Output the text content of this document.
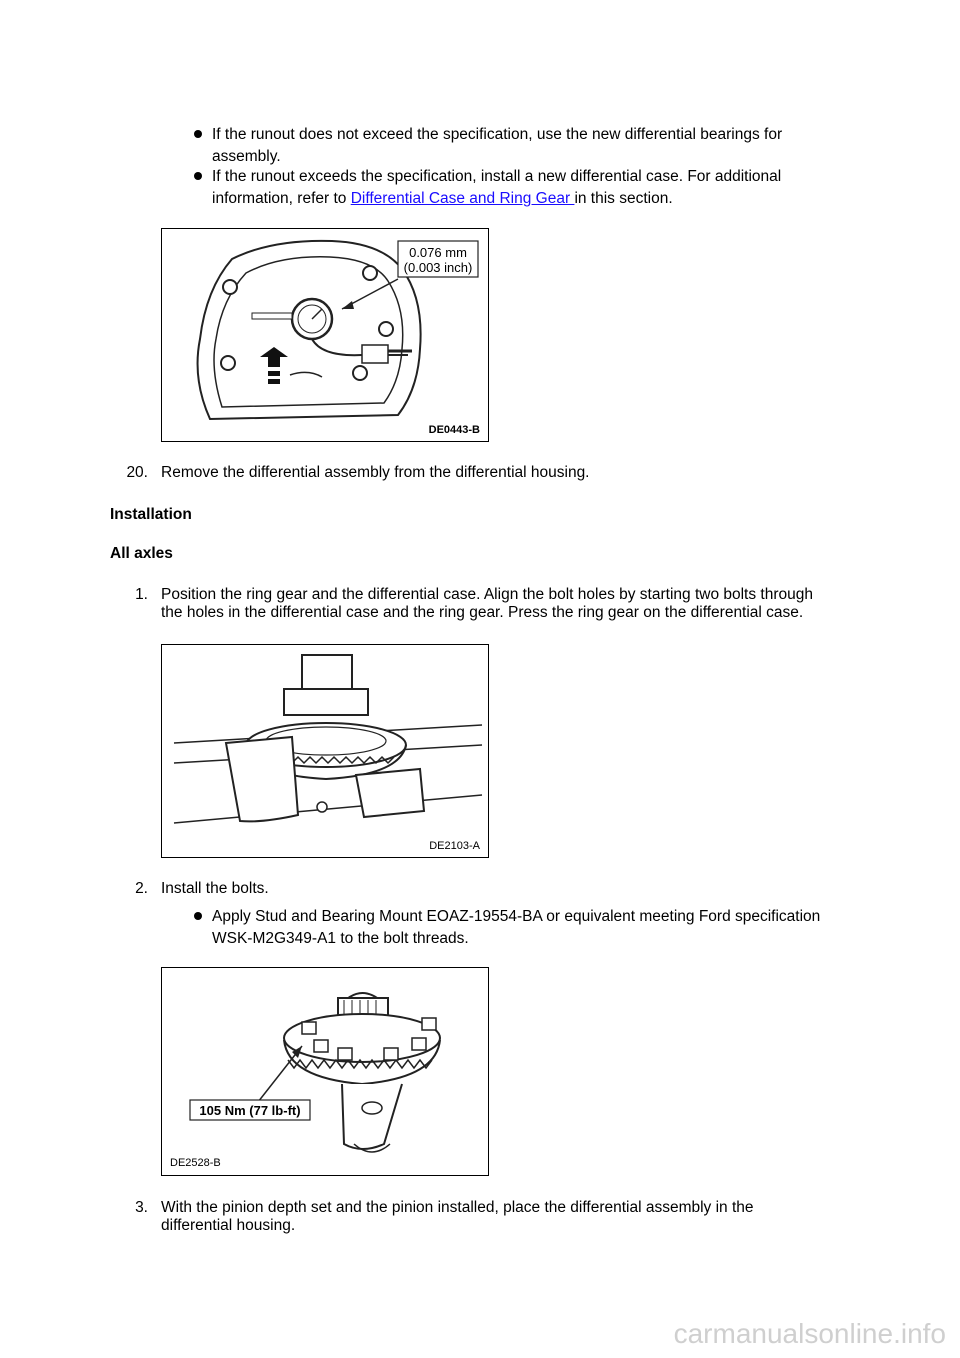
If the runout does not exceed the specification, use the new differential bearings for assembly.
If the runout exceeds the specification, install a new differential case. For additional information, refer to Differential Case and Ring Gear in this section.
0.076 mm
(0.003 inch)
DE0443-B
20. Remove the differential assembly from the differential housing.
Installation
All axles
1. Position the ring gear and the differential case. Align the bolt holes by starting two bolts through
the holes in the differential case and the ring gear. Press the ring gear on the differential case.
DE2103-A
2. Install the bolts.
Apply Stud and Bearing Mount EOAZ-19554-BA or equivalent meeting Ford specification
WSK-M2G349-A1 to the bolt threads.
105 Nm (77 lb-ft)
DE2528-B
3. With the pinion depth set and the pinion installed, place the differential assembly in the
differential housing.
carmanualsonline.info
